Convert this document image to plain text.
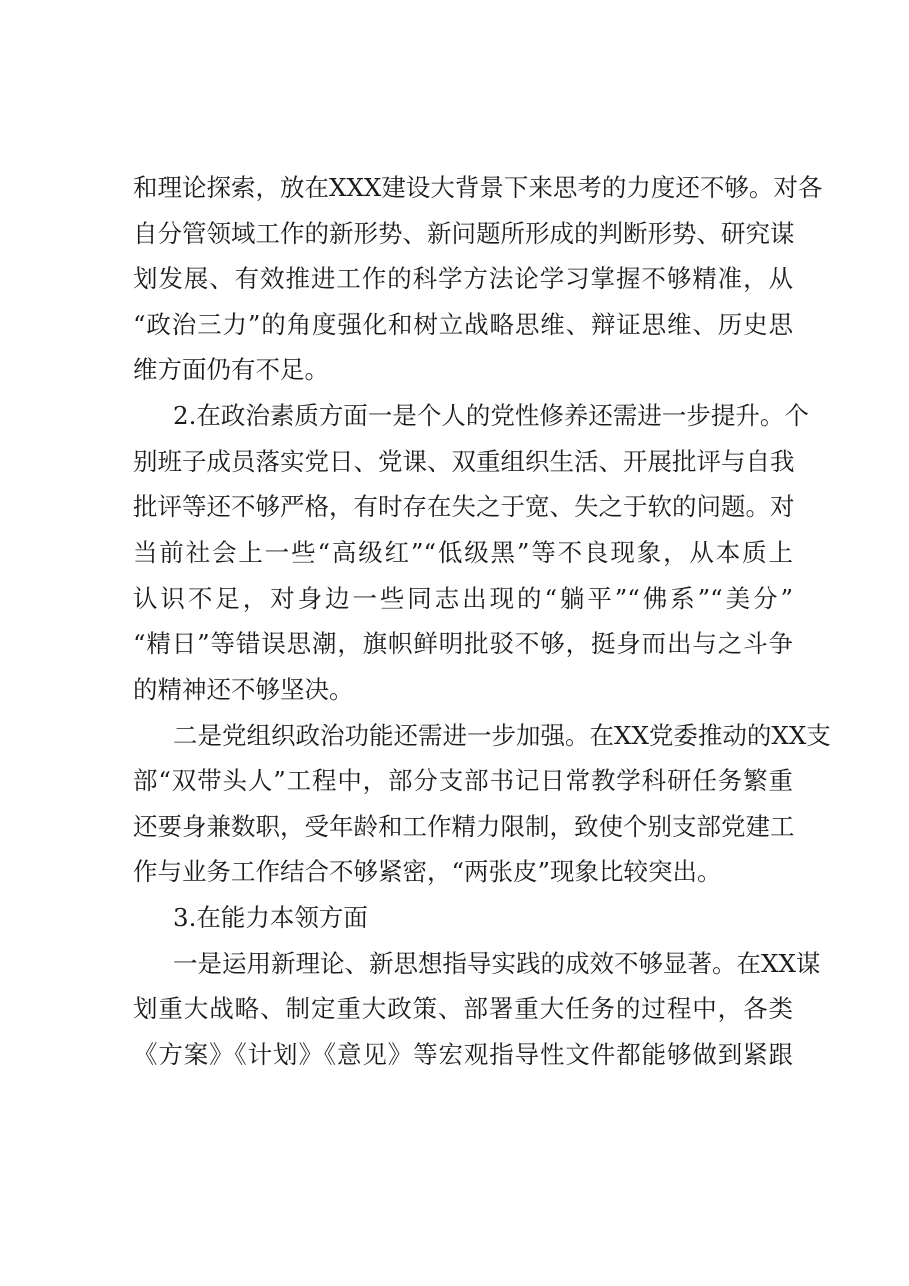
和理论探索，放在XXX建设大背景下来思考的力度还不够。对各
自分管领域工作的新形势、新问题所形成的判断形势、研究谋
划发展、有效推进工作的科学方法论学习掌握不够精准，从
“政治三力”的角度强化和树立战略思维、辩证思维、历史思
维方面仍有不足。
2.在政治素质方面一是个人的党性修养还需进一步提升。个
别班子成员落实党日、党课、双重组织生活、开展批评与自我
批评等还不够严格，有时存在失之于宽、失之于软的问题。对
当前社会上一些“高级红”“低级黑”等不良现象，从本质上
认识不足，对身边一些同志出现的“躺平”“佛系”“美分”
“精日”等错误思潮，旗帜鲜明批驳不够，挺身而出与之斗争
的精神还不够坚决。
二是党组织政治功能还需进一步加强。在XX党委推动的XX支
部“双带头人”工程中，部分支部书记日常教学科研任务繁重
还要身兼数职，受年龄和工作精力限制，致使个别支部党建工
作与业务工作结合不够紧密，“两张皮”现象比较突出。
3.在能力本领方面
一是运用新理论、新思想指导实践的成效不够显著。在XX谋
划重大战略、制定重大政策、部署重大任务的过程中，各类
《方案》《计划》《意见》等宏观指导性文件都能够做到紧跟
